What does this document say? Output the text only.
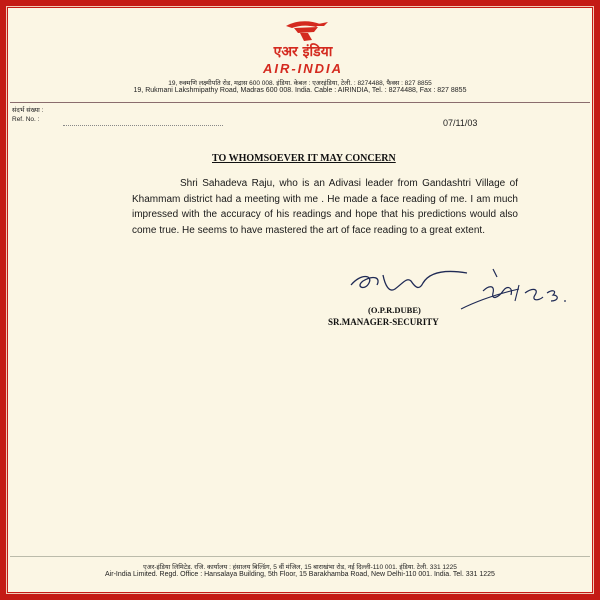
एअर इंडिया
AIR-INDIA
19, रुक्मणि लक्ष्मीपति रोड, मद्रास 600 008. इंडिया. केबल : एअरइंडिया, टेली. : 8274488, फैक्स : 827 8855
19, Rukmani Lakshmipathy Road, Madras 600 008. India. Cable : AIRINDIA, Tel. : 8274488, Fax : 827 8855
संदर्भ संख्या :
Ref. No. :	07/11/03
TO WHOMSOEVER IT MAY CONCERN
Shri Sahadeva Raju, who is an Adivasi leader from Gandashtri Village of Khammam district had a meeting with me . He made a face reading of me. I am much impressed with the accuracy of his readings and hope that his predictions would also come true. He seems to have mastered the art of face reading to a great extent.
(O.P.R.DUBE)
SR.MANAGER-SECURITY
एअर-इंडिया लिमिटेड. रजि. कार्यालय : हंसालय बिल्डिंग, 5 वीं मंजिल, 15 बाराखंभा रोड, नई दिल्ली-110 001. इंडिया. टेली. 331 1225
Air-India Limited. Regd. Office : Hansalaya Building, 5th Floor, 15 Barakhamba Road, New Delhi-110 001. India. Tel. 331 1225
